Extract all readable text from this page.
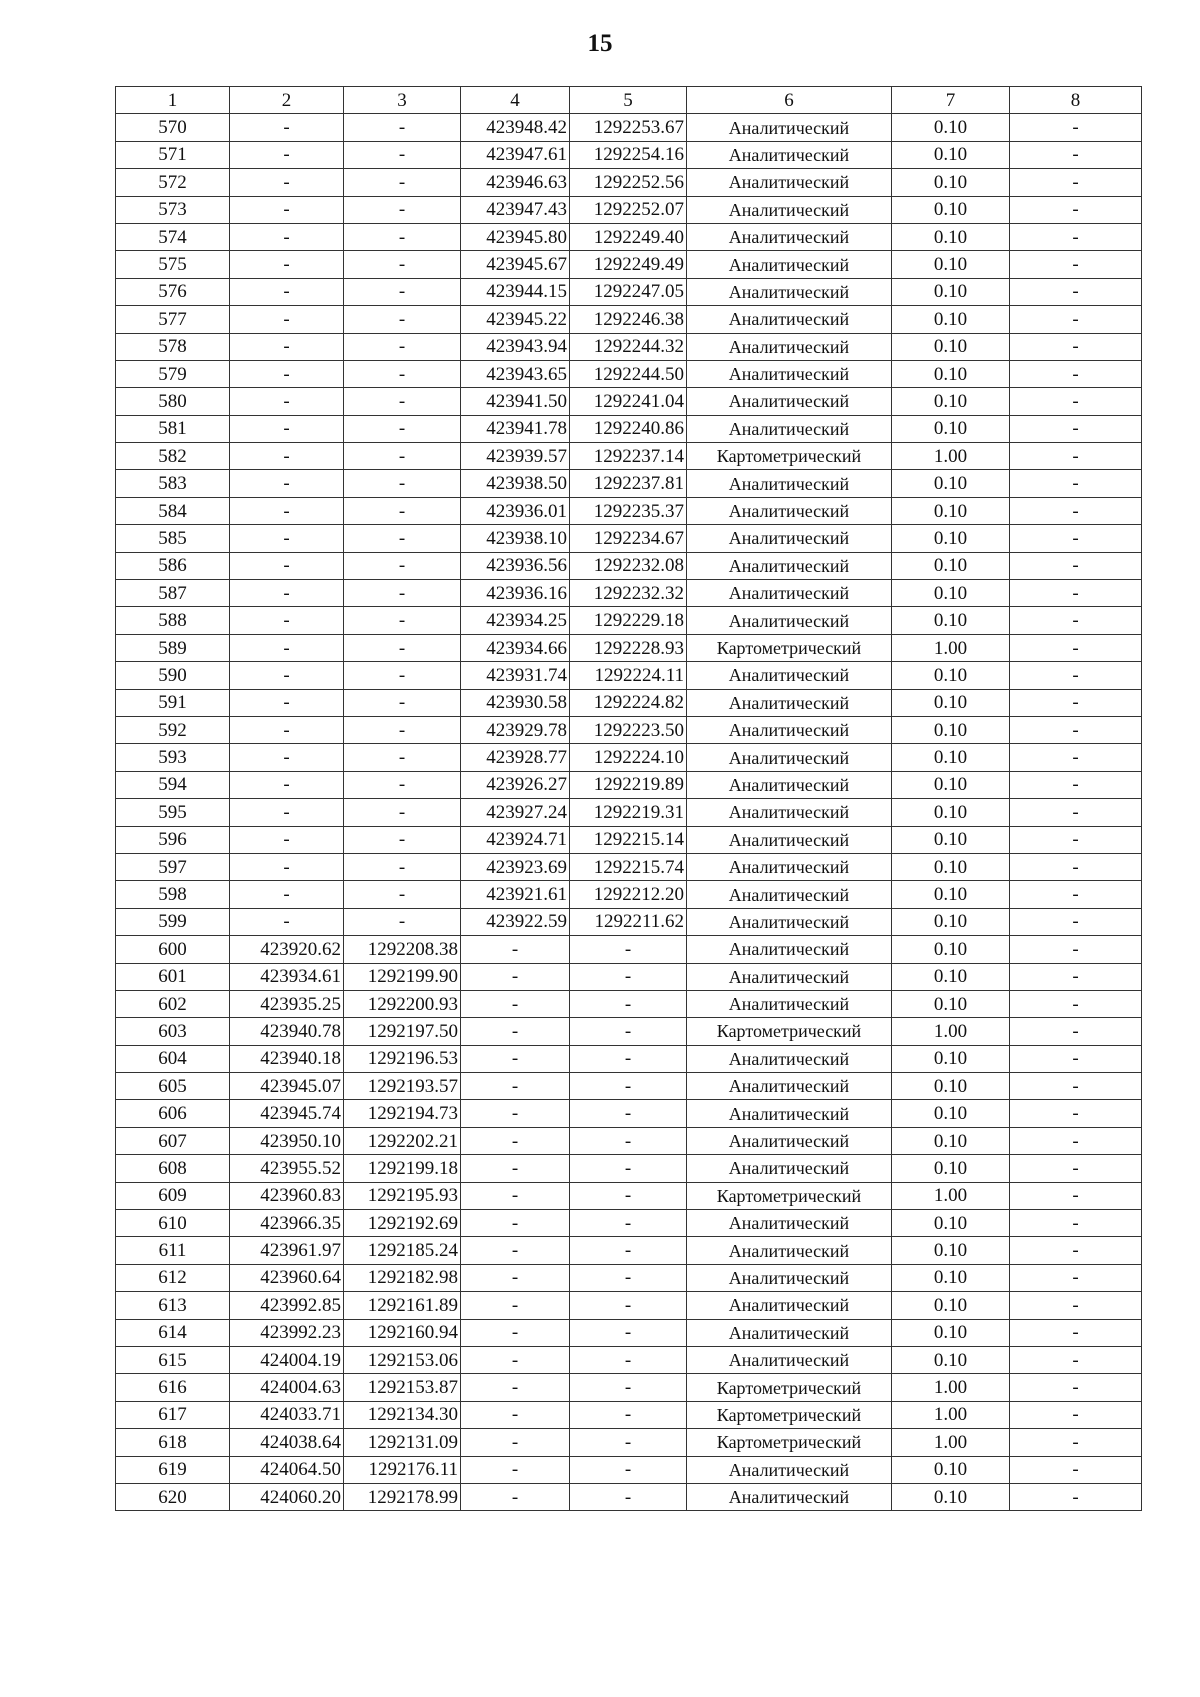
15
1	2	3	4	5	6	7	8
570	-	-	423948.42	1292253.67	Аналитический	0.10	-
571	-	-	423947.61	1292254.16	Аналитический	0.10	-
572	-	-	423946.63	1292252.56	Аналитический	0.10	-
573	-	-	423947.43	1292252.07	Аналитический	0.10	-
574	-	-	423945.80	1292249.40	Аналитический	0.10	-
575	-	-	423945.67	1292249.49	Аналитический	0.10	-
576	-	-	423944.15	1292247.05	Аналитический	0.10	-
577	-	-	423945.22	1292246.38	Аналитический	0.10	-
578	-	-	423943.94	1292244.32	Аналитический	0.10	-
579	-	-	423943.65	1292244.50	Аналитический	0.10	-
580	-	-	423941.50	1292241.04	Аналитический	0.10	-
581	-	-	423941.78	1292240.86	Аналитический	0.10	-
582	-	-	423939.57	1292237.14	Картометрический	1.00	-
583	-	-	423938.50	1292237.81	Аналитический	0.10	-
584	-	-	423936.01	1292235.37	Аналитический	0.10	-
585	-	-	423938.10	1292234.67	Аналитический	0.10	-
586	-	-	423936.56	1292232.08	Аналитический	0.10	-
587	-	-	423936.16	1292232.32	Аналитический	0.10	-
588	-	-	423934.25	1292229.18	Аналитический	0.10	-
589	-	-	423934.66	1292228.93	Картометрический	1.00	-
590	-	-	423931.74	1292224.11	Аналитический	0.10	-
591	-	-	423930.58	1292224.82	Аналитический	0.10	-
592	-	-	423929.78	1292223.50	Аналитический	0.10	-
593	-	-	423928.77	1292224.10	Аналитический	0.10	-
594	-	-	423926.27	1292219.89	Аналитический	0.10	-
595	-	-	423927.24	1292219.31	Аналитический	0.10	-
596	-	-	423924.71	1292215.14	Аналитический	0.10	-
597	-	-	423923.69	1292215.74	Аналитический	0.10	-
598	-	-	423921.61	1292212.20	Аналитический	0.10	-
599	-	-	423922.59	1292211.62	Аналитический	0.10	-
600	423920.62	1292208.38	-	-	Аналитический	0.10	-
601	423934.61	1292199.90	-	-	Аналитический	0.10	-
602	423935.25	1292200.93	-	-	Аналитический	0.10	-
603	423940.78	1292197.50	-	-	Картометрический	1.00	-
604	423940.18	1292196.53	-	-	Аналитический	0.10	-
605	423945.07	1292193.57	-	-	Аналитический	0.10	-
606	423945.74	1292194.73	-	-	Аналитический	0.10	-
607	423950.10	1292202.21	-	-	Аналитический	0.10	-
608	423955.52	1292199.18	-	-	Аналитический	0.10	-
609	423960.83	1292195.93	-	-	Картометрический	1.00	-
610	423966.35	1292192.69	-	-	Аналитический	0.10	-
611	423961.97	1292185.24	-	-	Аналитический	0.10	-
612	423960.64	1292182.98	-	-	Аналитический	0.10	-
613	423992.85	1292161.89	-	-	Аналитический	0.10	-
614	423992.23	1292160.94	-	-	Аналитический	0.10	-
615	424004.19	1292153.06	-	-	Аналитический	0.10	-
616	424004.63	1292153.87	-	-	Картометрический	1.00	-
617	424033.71	1292134.30	-	-	Картометрический	1.00	-
618	424038.64	1292131.09	-	-	Картометрический	1.00	-
619	424064.50	1292176.11	-	-	Аналитический	0.10	-
620	424060.20	1292178.99	-	-	Аналитический	0.10	-
